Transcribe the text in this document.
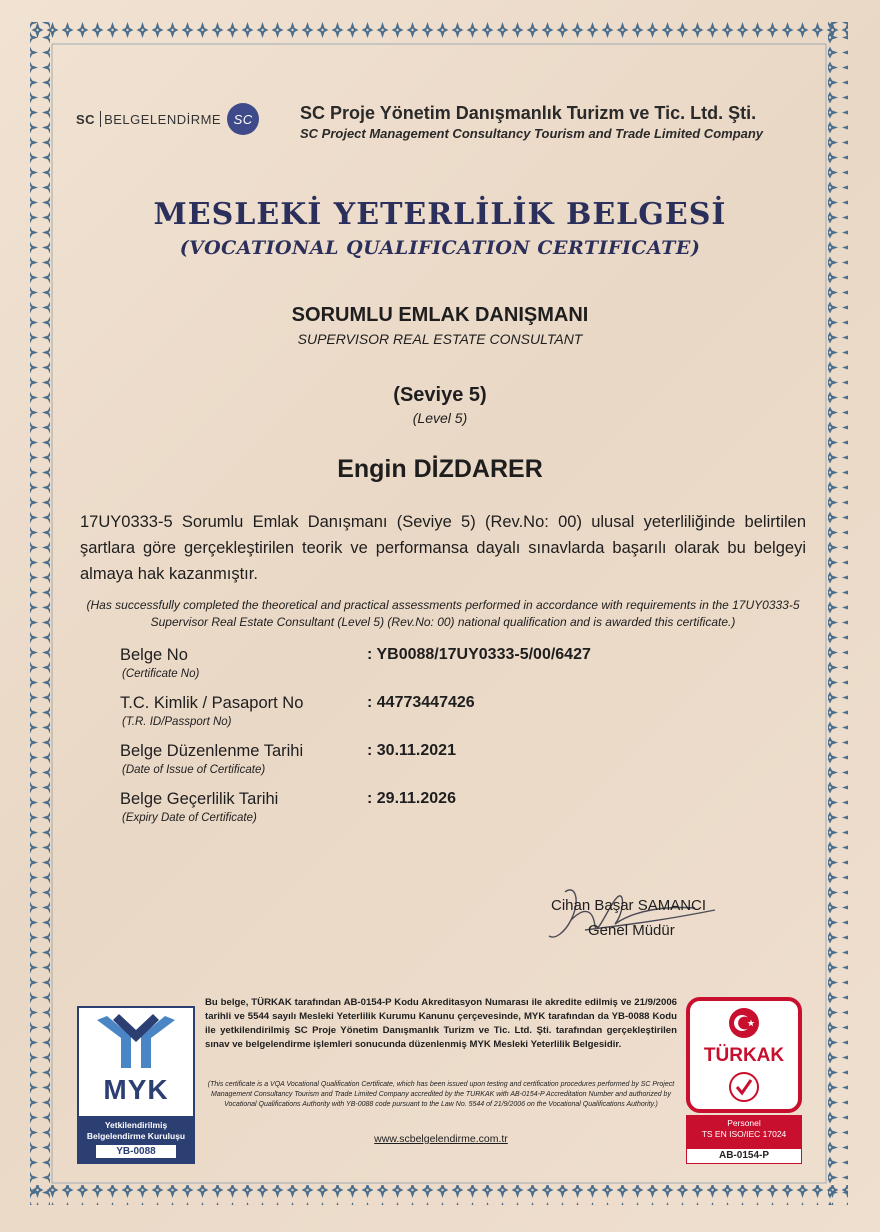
SC BELGELENDİRME SC	SC Proje Yönetim Danışmanlık Turizm ve Tic. Ltd. Şti.
SC Project Management Consultancy Tourism and Trade Limited Company
MESLEKİ YETERLİLİK BELGESİ
(VOCATIONAL QUALIFICATION CERTIFICATE)
SORUMLU EMLAK DANIŞMANI
SUPERVISOR REAL ESTATE CONSULTANT
(Seviye 5)
(Level 5)
Engin DİZDARER
17UY0333-5 Sorumlu Emlak Danışmanı (Seviye 5) (Rev.No: 00) ulusal yeterliliğinde belirtilen şartlara göre gerçekleştirilen teorik ve performansa dayalı sınavlarda başarılı olarak bu belgeyi almaya hak kazanmıştır.
(Has successfully completed the theoretical and practical assessments performed in accordance with requirements in the 17UY0333-5 Supervisor Real Estate Consultant (Level 5) (Rev.No: 00) national qualification and is awarded this certificate.)
Belge No
(Certificate No)
: YB0088/17UY0333-5/00/6427
T.C. Kimlik / Pasaport No
(T.R. ID/Passport No)
: 44773447426
Belge Düzenlenme Tarihi
(Date of Issue of Certificate)
: 30.11.2021
Belge Geçerlilik Tarihi
(Expiry Date of Certificate)
: 29.11.2026
Cihan Başar SAMANCI
Genel Müdür
MYK
Yetkilendirilmiş
Belgelendirme Kuruluşu
YB-0088
Bu belge, TÜRKAK tarafından AB-0154-P Kodu Akreditasyon Numarası ile akredite edilmiş ve 21/9/2006 tarihli ve 5544 sayılı Mesleki Yeterlilik Kurumu Kanunu çerçevesinde, MYK tarafından da YB-0088 Kodu ile yetkilendirilmiş SC Proje Yönetim Danışmanlık Turizm ve Tic. Ltd. Şti. tarafından gerçekleştirilen sınav ve belgelendirme işlemleri sonucunda düzenlenmiş MYK Mesleki Yeterlilik Belgesidir.
(This certificate is a VQA Vocational Qualification Certificate, which has been issued upon testing and certification procedures performed by SC Project Management Consultancy Tourism and Trade Limited Company accredited by the TURKAK with AB-0154-P Accreditation Number and authorized by Vocational Qualifications Authority with YB-0088 code pursuant to the Law No. 5544 of 21/9/2006 on the Vocational Qualifications Authority.)
www.scbelgelendirme.com.tr
TÜRKAK
Personel
TS EN ISO/IEC 17024
AB-0154-P
